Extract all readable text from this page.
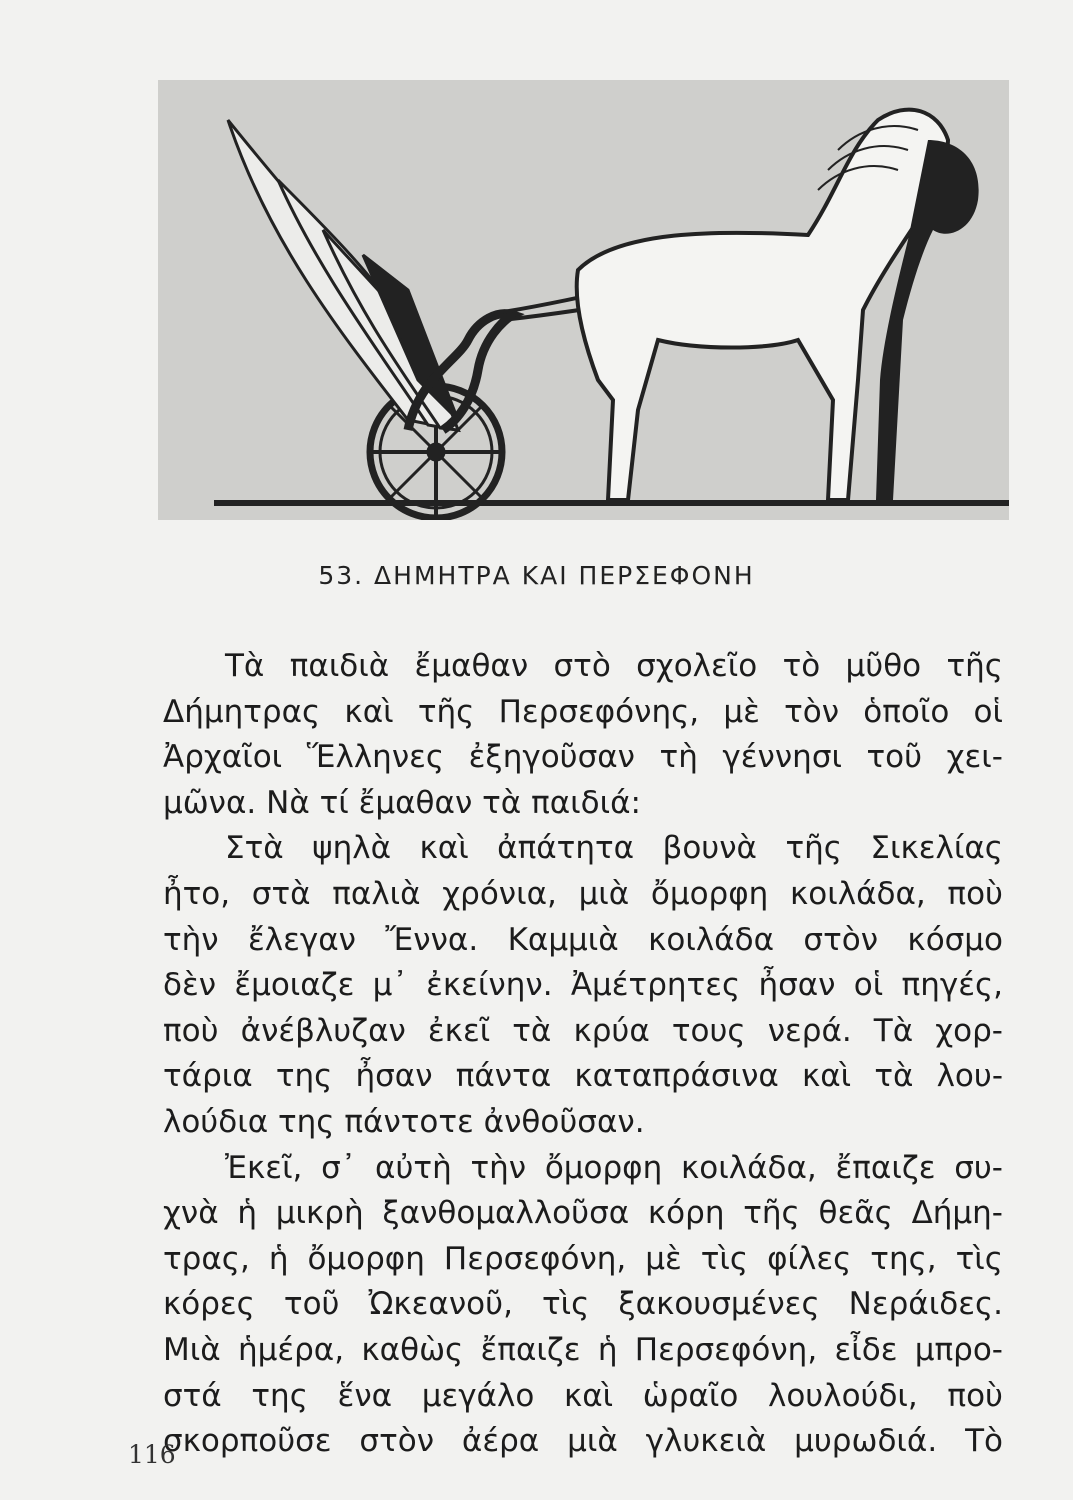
53. ΔΗΜΗΤΡΑ ΚΑΙ ΠΕΡΣΕΦΟΝΗ
Τὰ παιδιὰ ἔμαθαν στὸ σχολεῖο τὸ μῦθο τῆς
Δήμητρας καὶ τῆς Περσεφόνης, μὲ τὸν ὁποῖο οἱ
Ἀρχαῖοι Ἕλληνες ἐξηγοῦσαν τὴ γέννησι τοῦ χει-
μῶνα. Νὰ τί ἔμαθαν τὰ παιδιά:
Στὰ ψηλὰ καὶ ἀπάτητα βουνὰ τῆς Σικελίας
ἦτο, στὰ παλιὰ χρόνια, μιὰ ὄμορφη κοιλάδα, ποὺ
τὴν ἔλεγαν Ἔννα. Καμμιὰ κοιλάδα στὸν κόσμο
δὲν ἔμοιαζε μ᾿ ἐκείνην. Ἀμέτρητες ἦσαν οἱ πηγές,
ποὺ ἀνέβλυζαν ἐκεῖ τὰ κρύα τους νερά. Τὰ χορ-
τάρια της ἦσαν πάντα καταπράσινα καὶ τὰ λου-
λούδια της πάντοτε ἀνθοῦσαν.
Ἐκεῖ, σ᾿ αὐτὴ τὴν ὄμορφη κοιλάδα, ἔπαιζε συ-
χνὰ ἡ μικρὴ ξανθομαλλοῦσα κόρη τῆς θεᾶς Δήμη-
τρας, ἡ ὄμορφη Περσεφόνη, μὲ τὶς φίλες της, τὶς
κόρες τοῦ Ὠκεανοῦ, τὶς ξακουσμένες Νεράιδες.
Μιὰ ἡμέρα, καθὼς ἔπαιζε ἡ Περσεφόνη, εἶδε μπρο-
στά της ἕνα μεγάλο καὶ ὡραῖο λουλούδι, ποὺ
σκορποῦσε στὸν ἀέρα μιὰ γλυκειὰ μυρωδιά. Τὸ
116
